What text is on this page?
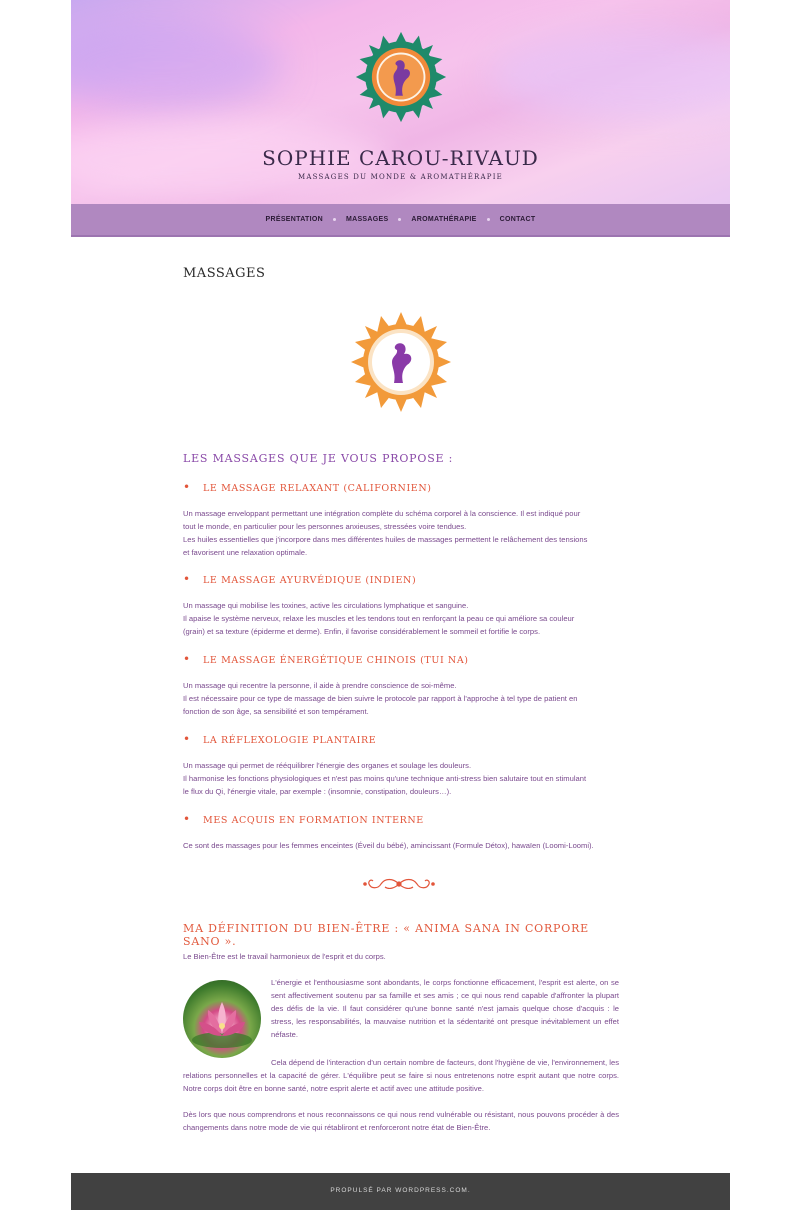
SOPHIE CAROU-RIVAUD
MASSAGES DU MONDE & AROMATHÉRAPIE
PRÉSENTATION	MASSAGES	AROMATHÉRAPIE	CONTACT
MASSAGES
LES MASSAGES QUE JE VOUS PROPOSE :
• LE MASSAGE RELAXANT (CALIFORNIEN)
Un massage enveloppant permettant une intégration complète du schéma corporel à la conscience. Il est indiqué pour
tout le monde, en particulier pour les personnes anxieuses, stressées voire tendues.
Les huiles essentielles que j'incorpore dans mes différentes huiles de massages permettent le relâchement des tensions
et favorisent une relaxation optimale.
• LE MASSAGE AYURVÉDIQUE (INDIEN)
Un massage qui mobilise les toxines, active les circulations lymphatique et sanguine.
Il apaise le système nerveux, relaxe les muscles et les tendons tout en renforçant la peau ce qui améliore sa couleur
(grain) et sa texture (épiderme et derme). Enfin, il favorise considérablement le sommeil et fortifie le corps.
• LE MASSAGE ÉNERGÉTIQUE CHINOIS (TUI NA)
Un massage qui recentre la personne, il aide à prendre conscience de soi-même.
Il est nécessaire pour ce type de massage de bien suivre le protocole par rapport à l'approche à tel type de patient en
fonction de son âge, sa sensibilité et son tempérament.
• LA RÉFLEXOLOGIE PLANTAIRE
Un massage qui permet de rééquilibrer l'énergie des organes et soulage les douleurs.
Il harmonise les fonctions physiologiques et n'est pas moins qu'une technique anti-stress bien salutaire tout en stimulant
le flux du Qi, l'énergie vitale, par exemple : (insomnie, constipation, douleurs…).
• MES ACQUIS EN FORMATION INTERNE
Ce sont des massages pour les femmes enceintes (Éveil du bébé), amincissant (Formule Détox), hawaïen (Loomi-Loomi).
MA DÉFINITION DU BIEN-ÊTRE : « ANIMA SANA IN CORPORE SANO ».
Le Bien-Être est le travail harmonieux de l'esprit et du corps.
L'énergie et l'enthousiasme sont abondants, le corps fonctionne efficacement, l'esprit est alerte, on se sent affectivement soutenu par sa famille et ses amis ; ce qui nous rend capable d'affronter la plupart des défis de la vie. Il faut considérer qu'une bonne santé n'est jamais quelque chose d'acquis : le stress, les responsabilités, la mauvaise nutrition et la sédentarité ont presque inévitablement un effet néfaste.
Cela dépend de l'interaction d'un certain nombre de facteurs, dont l'hygiène de vie, l'environnement, les relations personnelles et la capacité de gérer. L'équilibre peut se faire si nous entretenons notre esprit autant que notre corps. Notre corps doit être en bonne santé, notre esprit alerte et actif avec une attitude positive.
Dès lors que nous comprendrons et nous reconnaissons ce qui nous rend vulnérable ou résistant, nous pouvons procéder à des changements dans notre mode de vie qui rétabliront et renforceront notre état de Bien-Être.
PROPULSÉ PAR WORDPRESS.COM.
